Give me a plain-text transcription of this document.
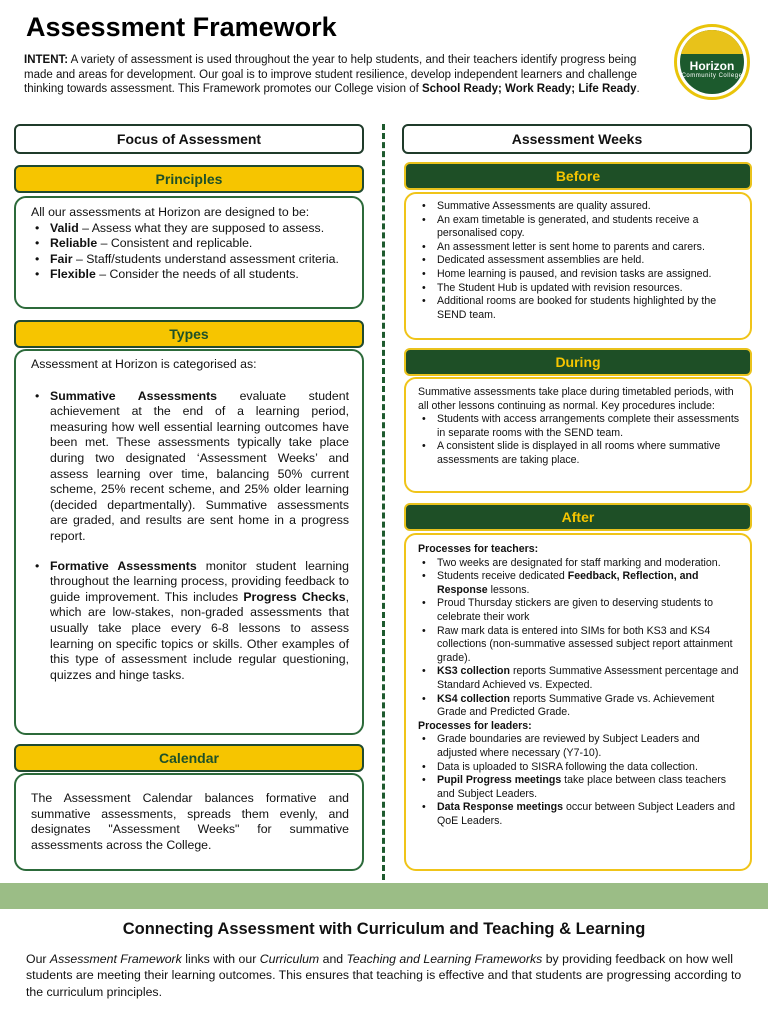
Assessment Framework

INTENT: A variety of assessment is used throughout the year to help students, and their teachers identify progress being made and areas for development. Our goal is to improve student resilience, develop independent learners and challenge thinking towards assessment. This Framework promotes our College vision of School Ready; Work Ready; Life Ready.

Horizon
Community College
Focus of Assessment
Principles

All our assessments at Horizon are designed to be:

• Valid – Assess what they are supposed to assess.
• Reliable – Consistent and replicable.
• Fair – Staff/students understand assessment criteria.
• Flexible – Consider the needs of all students.
Types

Assessment at Horizon is categorised as:

• Summative Assessments evaluate student achievement at the end of a learning period, measuring how well essential learning outcomes have been met. These assessments typically take place during two designated ‘Assessment Weeks’ and assess learning over time, balancing 50% current scheme, 25% recent scheme, and 25% older learning (decided departmentally). Summative assessments are graded, and results are sent home in a progress report.
• Formative Assessments monitor student learning throughout the learning process, providing feedback to guide improvement. This includes Progress Checks, which are low-stakes, non-graded assessments that usually take place every 6-8 lessons to assess learning on specific topics or skills. Other examples of this type of assessment include regular questioning, quizzes and hinge tasks.
Calendar

The Assessment Calendar balances formative and summative assessments, spreads them evenly, and designates "Assessment Weeks" for summative assessments across the College.

Assessment Weeks
Before
• Summative Assessments are quality assured.
• An exam timetable is generated, and students receive a personalised copy.
• An assessment letter is sent home to parents and carers.
• Dedicated assessment assemblies are held.
• Home learning is paused, and revision tasks are assigned.
• The Student Hub is updated with revision resources.
• Additional rooms are booked for students highlighted by the SEND team.
During

Summative assessments take place during timetabled periods, with all other lessons continuing as normal. Key procedures include:

• Students with access arrangements complete their assessments in separate rooms with the SEND team.
• A consistent slide is displayed in all rooms where summative assessments are taking place.
After

Processes for teachers:

• Two weeks are designated for staff marking and moderation.
• Students receive dedicated Feedback, Reflection, and Response lessons.
• Proud Thursday stickers are given to deserving students to celebrate their work
• Raw mark data is entered into SIMs for both KS3 and KS4 collections (non-summative assessed subject report attainment grade).
• KS3 collection reports Summative Assessment percentage and Standard Achieved vs. Expected.
• KS4 collection reports Summative Grade vs. Achievement Grade and Predicted Grade.

Processes for leaders:

• Grade boundaries are reviewed by Subject Leaders and adjusted where necessary (Y7-10).
• Data is uploaded to SISRA following the data collection.
• Pupil Progress meetings take place between class teachers and Subject Leaders.
• Data Response meetings occur between Subject Leaders and QoE Leaders.
Connecting Assessment with Curriculum and Teaching & Learning

Our Assessment Framework links with our Curriculum and Teaching and Learning Frameworks by providing feedback on how well students are meeting their learning outcomes. This ensures that teaching is effective and that students are progressing according to the curriculum principles.
